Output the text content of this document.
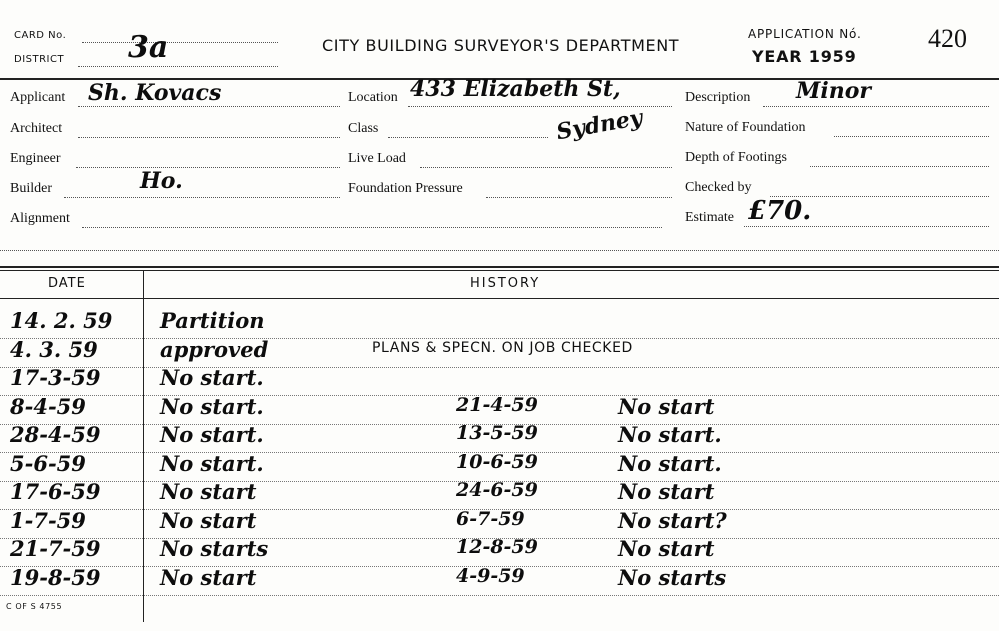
CARD No.
DISTRICT 3a	CITY BUILDING SURVEYOR'S DEPARTMENT
APPLICATION Nó.
YEAR 1959
420
Applicant Sh. Kovacs
Architect
Engineer
Builder	Ho.
Alignment
Location 433 Elizabeth St,
Sydney
Class
Live Load
Foundation Pressure
Description Minor
Nature of Foundation
Depth of Footings
Checked by
Estimate £70.
DATE	HISTORY
PLANS & SPECN. ON JOB CHECKED
14. 2. 59 Partition
4. 3. 59	approved
17-3-59	No start.
8-4-59	No start.	21-4-59	No start
28-4-59	No start.	13-5-59	No start.
5-6-59	No start.	10-6-59	No start.
17-6-59	No start	24-6-59	No start
1-7-59	No start	6-7-59	No start?
21-7-59	No starts	12-8-59	No start
19-8-59	No start	4-9-59	No starts
C OF S 4755
